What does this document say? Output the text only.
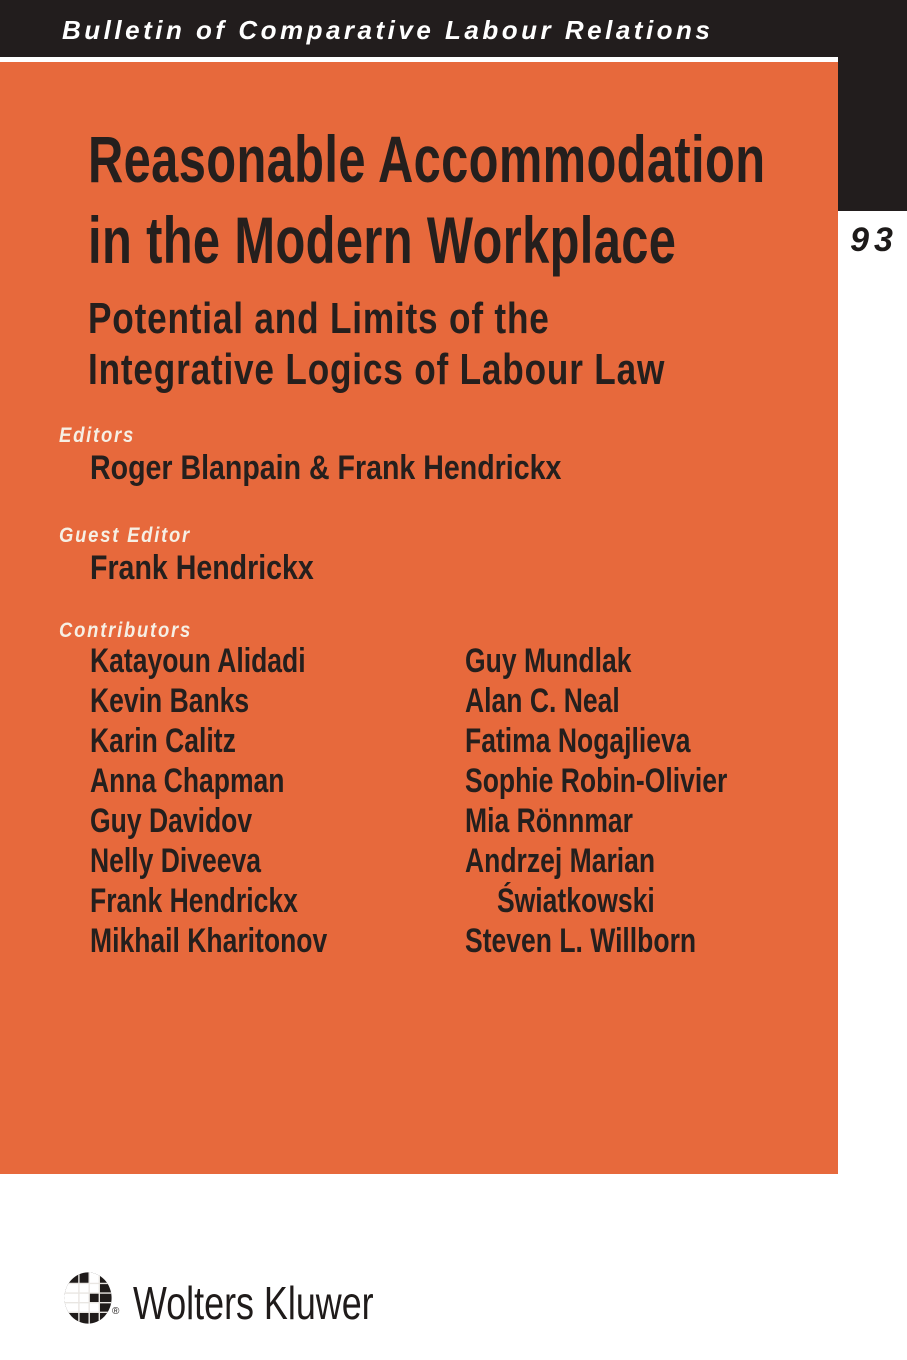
Bulletin of Comparative Labour Relations
93
Reasonable Accommodation
in the Modern Workplace
Potential and Limits of the
Integrative Logics of Labour Law
Editors
Roger Blanpain & Frank Hendrickx
Guest Editor
Frank Hendrickx
Contributors
Katayoun Alidadi
Kevin Banks
Karin Calitz
Anna Chapman
Guy Davidov
Nelly Diveeva
Frank Hendrickx
Mikhail Kharitonov
Guy Mundlak
Alan C. Neal
Fatima Nogajlieva
Sophie Robin-Olivier
Mia Rönnmar
Andrzej Marian
Światkowski
Steven L. Willborn
® Wolters Kluwer
